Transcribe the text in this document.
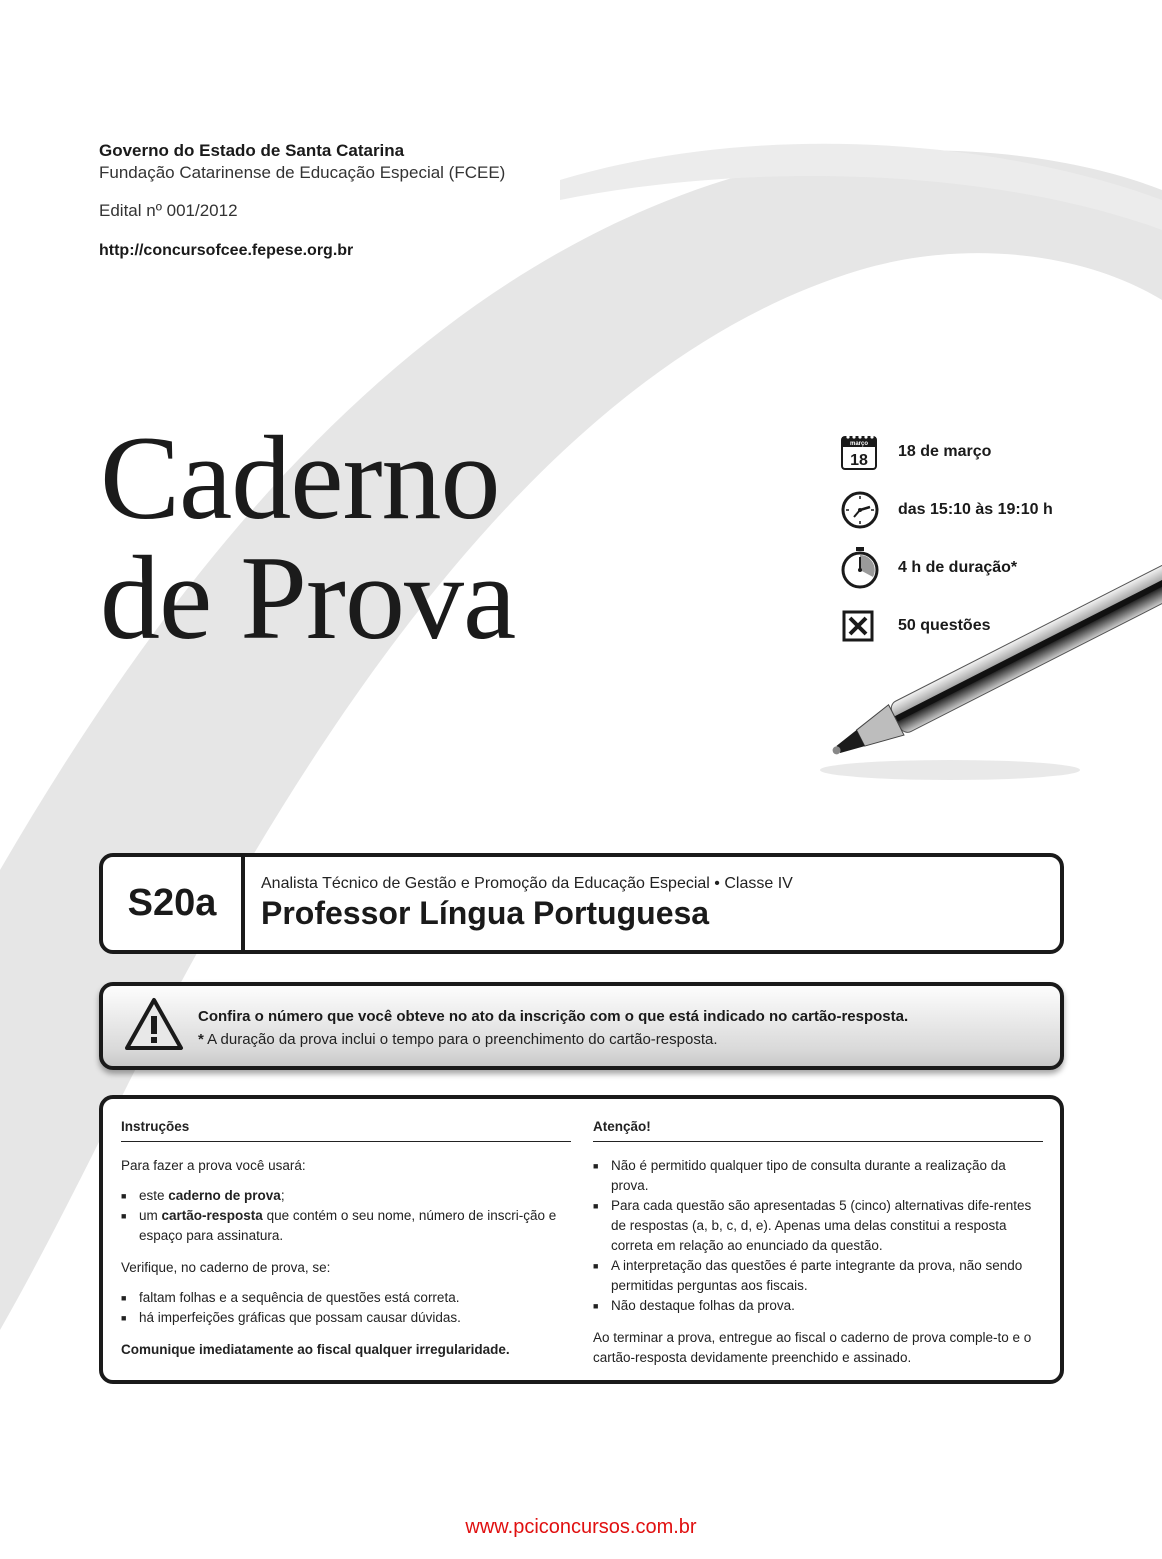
Governo do Estado de Santa Catarina
Fundação Catarinense de Educação Especial (FCEE)
Edital nº 001/2012
http://concursofcee.fepese.org.br
Caderno
de Prova
março
18
18 de março
das 15:10 às 19:10 h
4 h de duração*
50 questões
S20a	Analista Técnico de Gestão e Promoção da Educação Especial • Classe IV
Professor Língua Portuguesa
Confira o número que você obteve no ato da inscrição com o que está indicado no cartão-resposta.
* A duração da prova inclui o tempo para o preenchimento do cartão-resposta.
Instruções

Para fazer a prova você usará:

■ este caderno de prova;
■ um cartão-resposta que contém o seu nome, número de inscri-ção e espaço para assinatura.

Verifique, no caderno de prova, se:

■ faltam folhas e a sequência de questões está correta.
■ há imperfeições gráficas que possam causar dúvidas.

Comunique imediatamente ao fiscal qualquer irregularidade.

Atenção!
■ Não é permitido qualquer tipo de consulta durante a realização da prova.
■ Para cada questão são apresentadas 5 (cinco) alternativas dife-rentes de respostas (a, b, c, d, e). Apenas uma delas constitui a resposta correta em relação ao enunciado da questão.
■ A interpretação das questões é parte integrante da prova, não sendo permitidas perguntas aos fiscais.
■ Não destaque folhas da prova.

Ao terminar a prova, entregue ao fiscal o caderno de prova comple-to e o cartão-resposta devidamente preenchido e assinado.

www.pciconcursos.com.br
